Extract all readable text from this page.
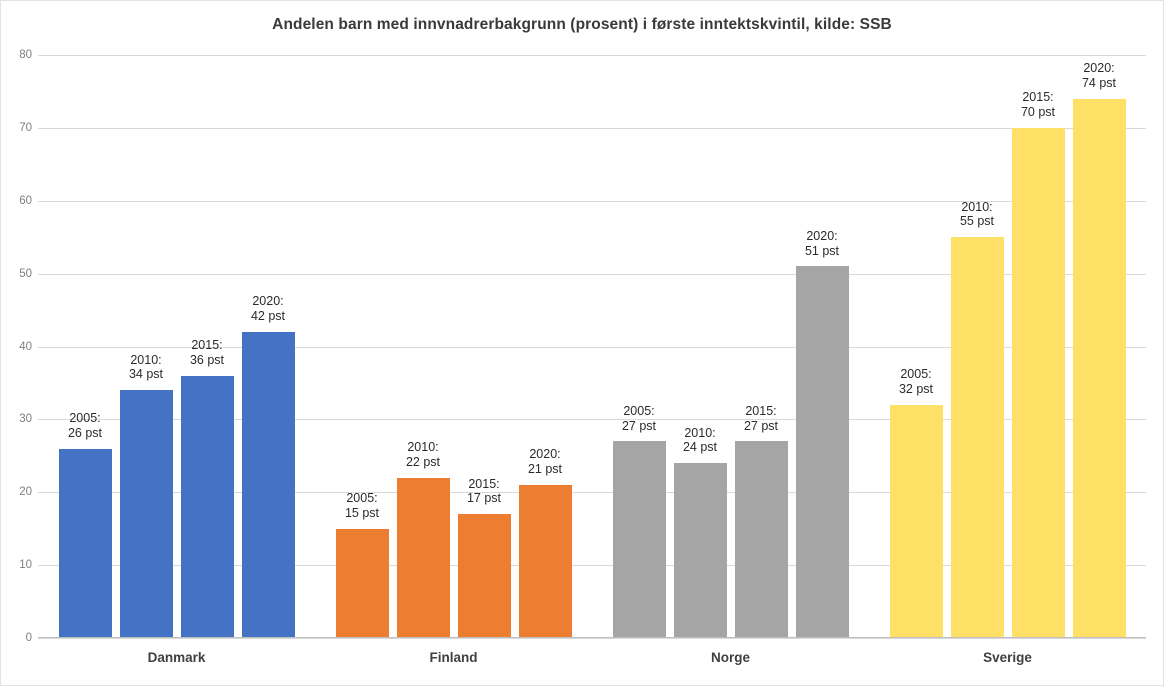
Andelen barn med innvnadrerbakgrunn (prosent) i første inntektskvintil, kilde: SSB
0
10
20
30
40
50
60
70
80
2005:
26 pst
2010:
34 pst
2015:
36 pst
2020:
42 pst
2005:
15 pst
2010:
22 pst
2015:
17 pst
2020:
21 pst
2005:
27 pst
2010:
24 pst
2015:
27 pst
2020:
51 pst
2005:
32 pst
2010:
55 pst
2015:
70 pst
2020:
74 pst
Danmark	Finland	Norge	Sverige
